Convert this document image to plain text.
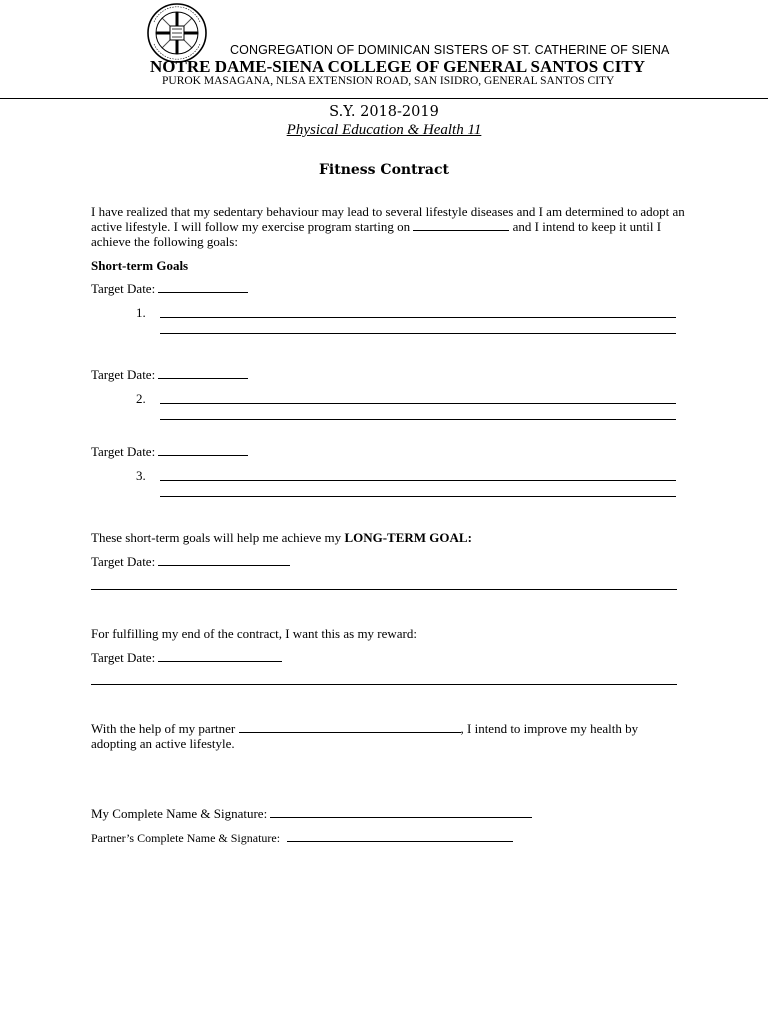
CONGREGATION OF DOMINICAN SISTERS OF ST. CATHERINE OF SIENA
NOTRE DAME-SIENA COLLEGE OF GENERAL SANTOS CITY
PUROK MASAGANA, NLSA EXTENSION ROAD, SAN ISIDRO, GENERAL SANTOS CITY
S.Y. 2018-2019
Physical Education & Health 11
Fitness Contract
I have realized that my sedentary behaviour may lead to several lifestyle diseases and I am determined to adopt an active lifestyle. I will follow my exercise program starting on	and I intend to keep it until I achieve the following goals:
Short-term Goals
Target Date:
1.
Target Date:
2.
Target Date:
3.
These short-term goals will help me achieve my LONG-TERM GOAL:
Target Date:
For fulfilling my end of the contract, I want this as my reward:
Target Date:
With the help of my partner	, I intend to improve my health by
adopting an active lifestyle.
My Complete Name & Signature:
Partner’s Complete Name & Signature:
